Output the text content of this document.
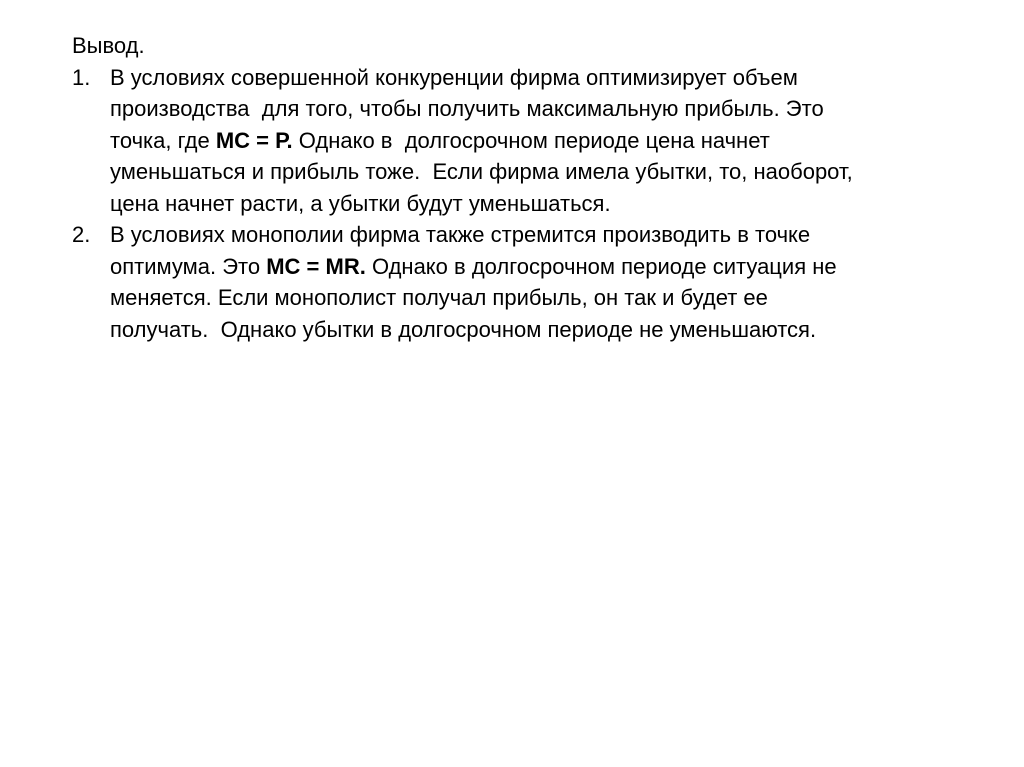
Вывод.

1. В условиях совершенной конкуренции фирма оптимизирует объем
производства  для того, чтобы получить максимальную прибыль. Это
точка, где МС = Р. Однако в  долгосрочном периоде цена начнет
уменьшаться и прибыль тоже.  Если фирма имела убытки, то, наоборот,
цена начнет расти, а убытки будут уменьшаться.
2. В условиях монополии фирма также стремится производить в точке
оптимума. Это МС = МR. Однако в долгосрочном периоде ситуация не
меняется. Если монополист получал прибыль, он так и будет ее
получать.  Однако убытки в долгосрочном периоде не уменьшаются.
